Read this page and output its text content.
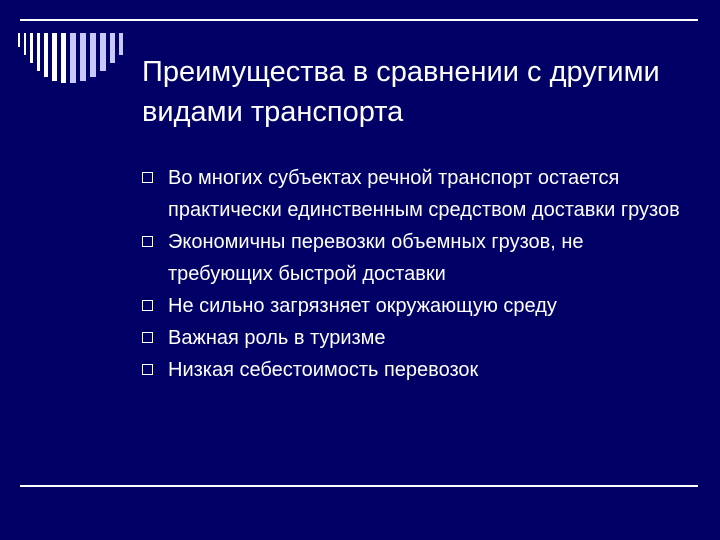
Преимущества в сравнении с другими видами транспорта
Во многих субъектах речной транспорт остается практически единственным средством доставки грузов
Экономичны перевозки объемных грузов, не требующих быстрой доставки
Не сильно загрязняет окружающую среду
Важная роль в туризме
Низкая себестоимость перевозок
